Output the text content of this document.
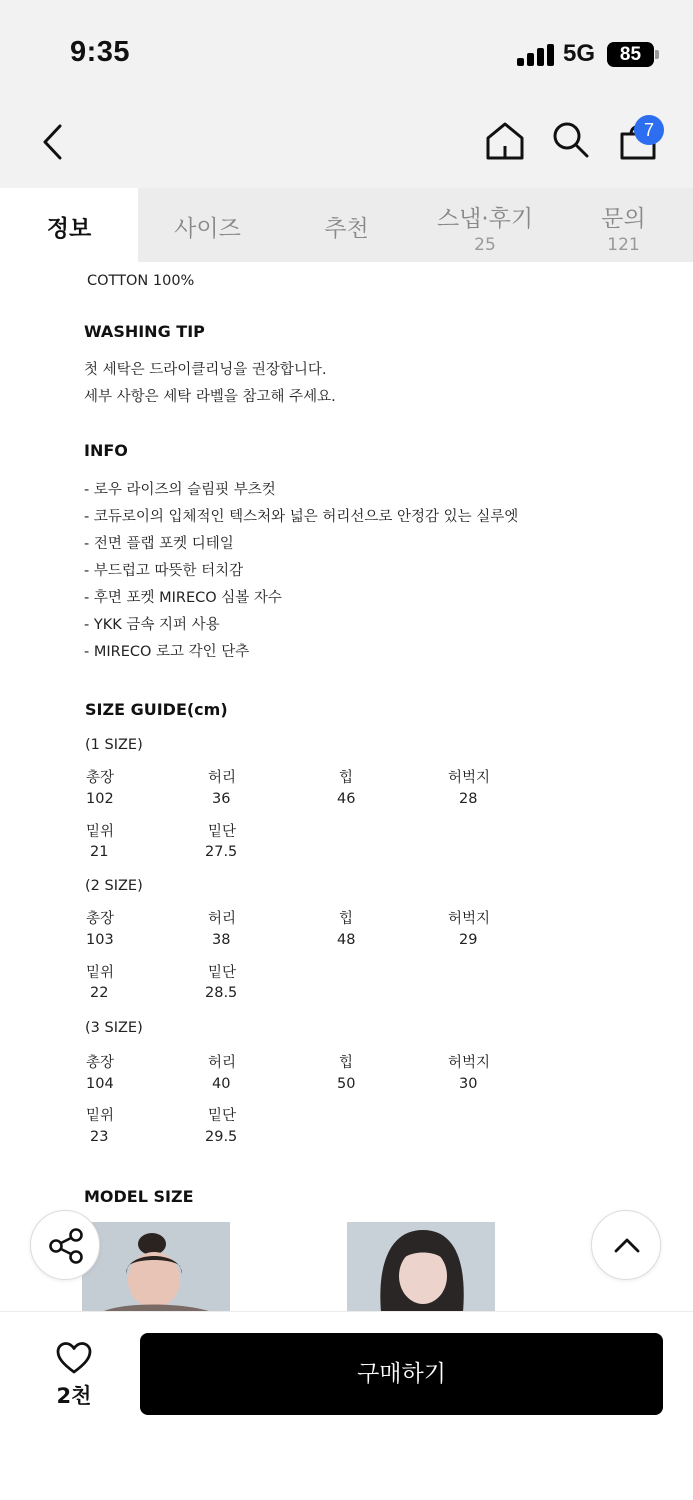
9:35	5G	85
7
정보	사이즈	추천	스냅·후기
25
문의
121
COTTON 100%
WASHING TIP
첫 세탁은 드라이클리닝을 권장합니다.
세부 사항은 세탁 라벨을 참고해 주세요.
INFO
- 로우 라이즈의 슬림핏 부츠컷
- 코듀로이의 입체적인 텍스처와 넓은 허리선으로 안정감 있는 실루엣
- 전면 플랩 포켓 디테일
- 부드럽고 따뜻한 터치감
- 후면 포켓 MIRECO 심볼 자수
- YKK 금속 지퍼 사용
- MIRECO 로고 각인 단추
SIZE GUIDE(cm)
(1 SIZE)
총장	허리	힙	허벅지
102	36	46	28
밑위	밑단
21	27.5
(2 SIZE)
총장	허리	힙	허벅지
103	38	48	29
밑위	밑단
22	28.5
(3 SIZE)
총장	허리	힙	허벅지
104	40	50	30
밑위	밑단
23	29.5
MODEL SIZE
2천
구매하기
